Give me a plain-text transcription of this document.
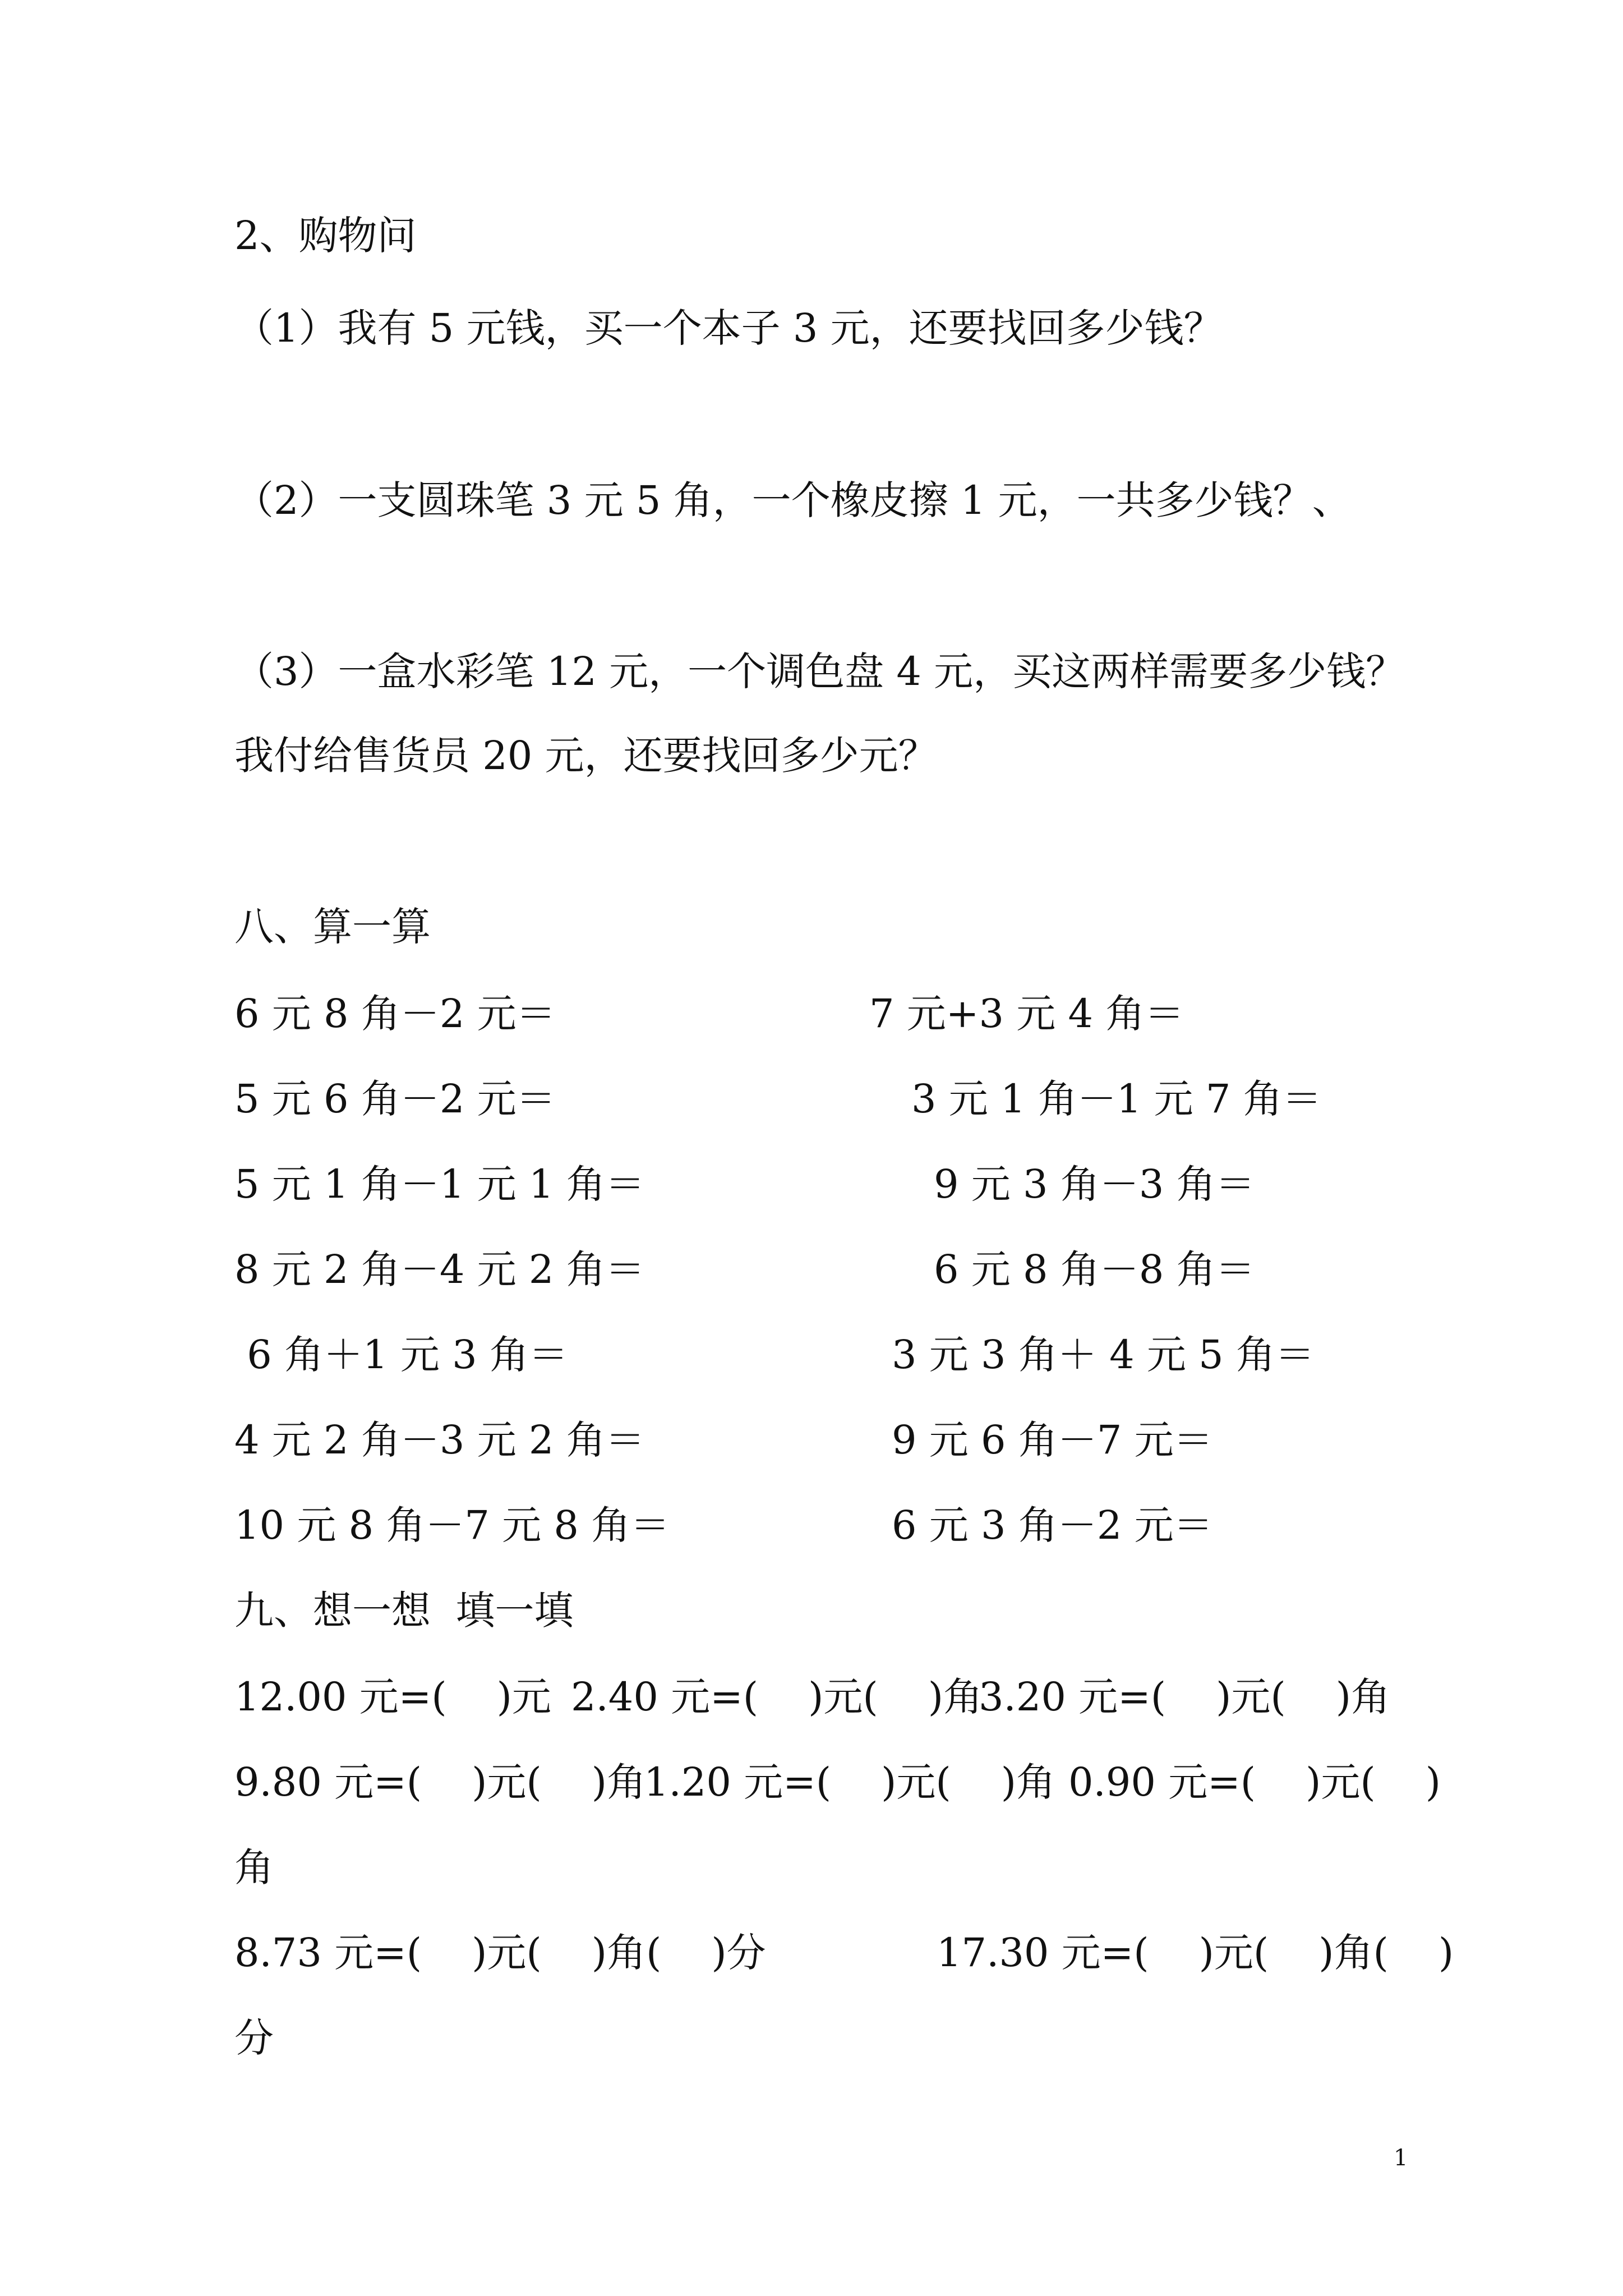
2、购物问
（1）我有 5 元钱，买一个本子 3 元，还要找回多少钱？
（2）一支圆珠笔 3 元 5 角，一个橡皮擦 1 元，一共多少钱？、
（3）一盒水彩笔 12 元，一个调色盘 4 元，买这两样需要多少钱？
我付给售货员 20 元，还要找回多少元？
八、算一算
6 元 8 角－2 元＝	7 元+3 元 4 角＝
5 元 6 角－2 元＝	3 元 1 角－1 元 7 角＝
5 元 1 角－1 元 1 角＝	9 元 3 角－3 角＝
8 元 2 角－4 元 2 角＝	6 元 8 角－8 角＝
6 角＋1 元 3 角＝	3 元 3 角＋ 4 元 5 角＝
4 元 2 角－3 元 2 角＝	9 元 6 角－7 元＝
10 元 8 角－7 元 8 角＝	6 元 3 角－2 元＝
九、想一想  填一填
12.00 元=(    )元 2.40 元=(    )元(    )角
3.20 元=(    )元(    )角
9.80 元=(    )元(    )角
1.20 元=(    )元(    )角 0.90 元=(    )元(    )
角
8.73 元=(    )元(    )角(    )分	17.30 元=(    )元(    )角(    )
分
1
